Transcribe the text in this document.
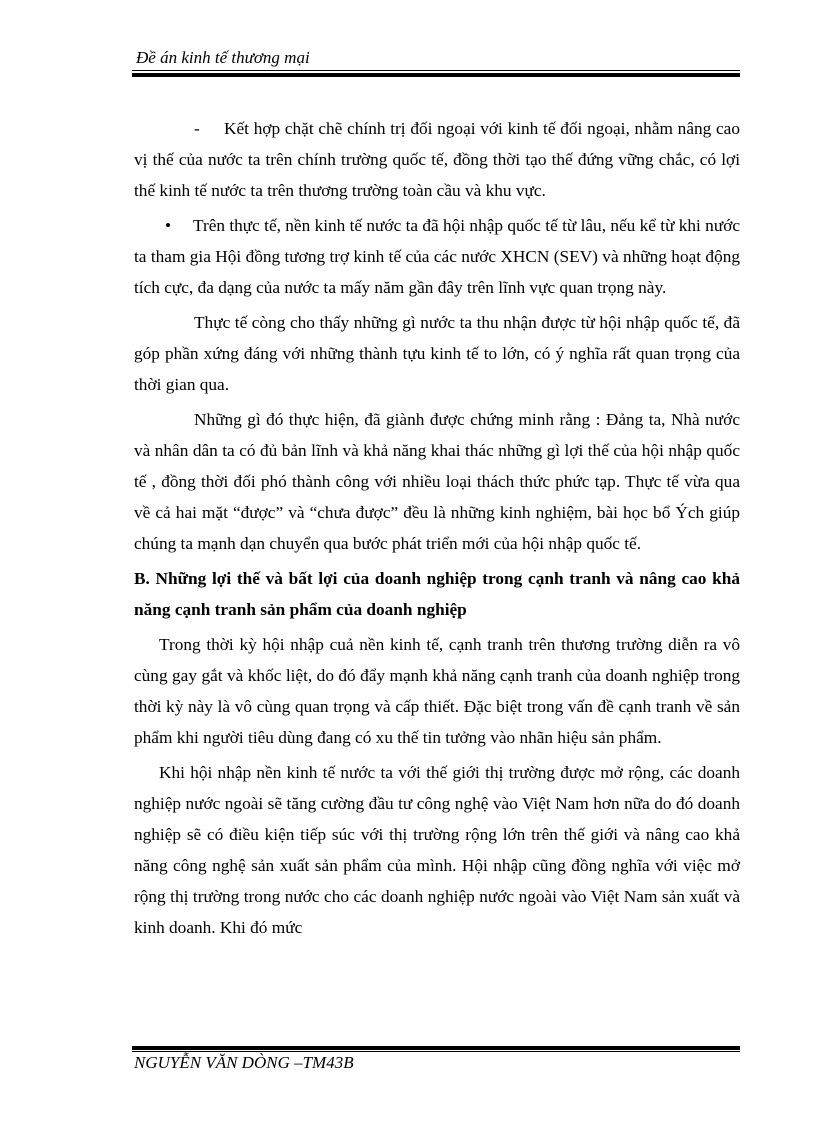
Đề án kinh tế thương mại

- Kết hợp chặt chẽ chính trị đối ngoại với kinh tế đối ngoại, nhằm nâng cao vị thế của nước ta trên chính trường quốc tế, đồng thời tạo thế đứng vững chắc, có lợi thế kinh tế nước ta trên thương trường toàn cầu và khu vực.

• Trên thực tế, nền kinh tế nước ta đã hội nhập quốc tế từ lâu, nếu kể từ khi nước ta tham gia Hội đồng tương trợ kinh tế của các nước XHCN (SEV) và những hoạt động tích cực, đa dạng của nước ta mấy năm gần đây trên lĩnh vực quan trọng này.

Thực tế còng cho thấy những gì nước ta thu nhận được từ hội nhập quốc tế, đã góp phần xứng đáng với những thành tựu kinh tế to lớn, có ý nghĩa rất quan trọng của thời gian qua.

Những gì đó thực hiện, đã giành được chứng minh rằng : Đảng ta, Nhà nước và nhân dân ta có đủ bản lĩnh và khả năng khai thác những gì lợi thế của hội nhập quốc tế , đồng thời đối phó thành công với nhiều loại thách thức phức tạp. Thực tế vừa qua về cả hai mặt “được” và “chưa được” đều là những kinh nghiệm, bài học bổ Ých giúp chúng ta mạnh dạn chuyển qua bước phát triển mới của hội nhập quốc tế.

B. Những lợi thế và bất lợi của doanh nghiệp trong cạnh tranh và nâng cao khả năng cạnh tranh sản phẩm của doanh nghiệp

Trong thời kỳ hội nhập cuả nền kinh tế, cạnh tranh trên thương trường diễn ra vô cùng gay gắt và khốc liệt, do đó đẩy mạnh khả năng cạnh tranh của doanh nghiệp trong thời kỳ này là vô cùng quan trọng và cấp thiết. Đặc biệt trong vấn đề cạnh tranh về sản phẩm khi người tiêu dùng đang có xu thế tin tưởng vào nhãn hiệu sản phẩm.

Khi hội nhập nền kinh tế nước ta với thế giới thị trường được mở rộng, các doanh nghiệp nước ngoài sẽ tăng cường đầu tư công nghệ vào Việt Nam hơn nữa do đó doanh nghiệp sẽ có điều kiện tiếp súc với thị trường rộng lớn trên thế giới và nâng cao khả năng công nghệ sản xuất sản phẩm của mình. Hội nhập cũng đồng nghĩa với việc mở rộng thị trường trong nước cho các doanh nghiệp nước ngoài vào Việt Nam sản xuất và kinh doanh. Khi đó mức

NGUYỄN VĂN DÒNG –TM43B
